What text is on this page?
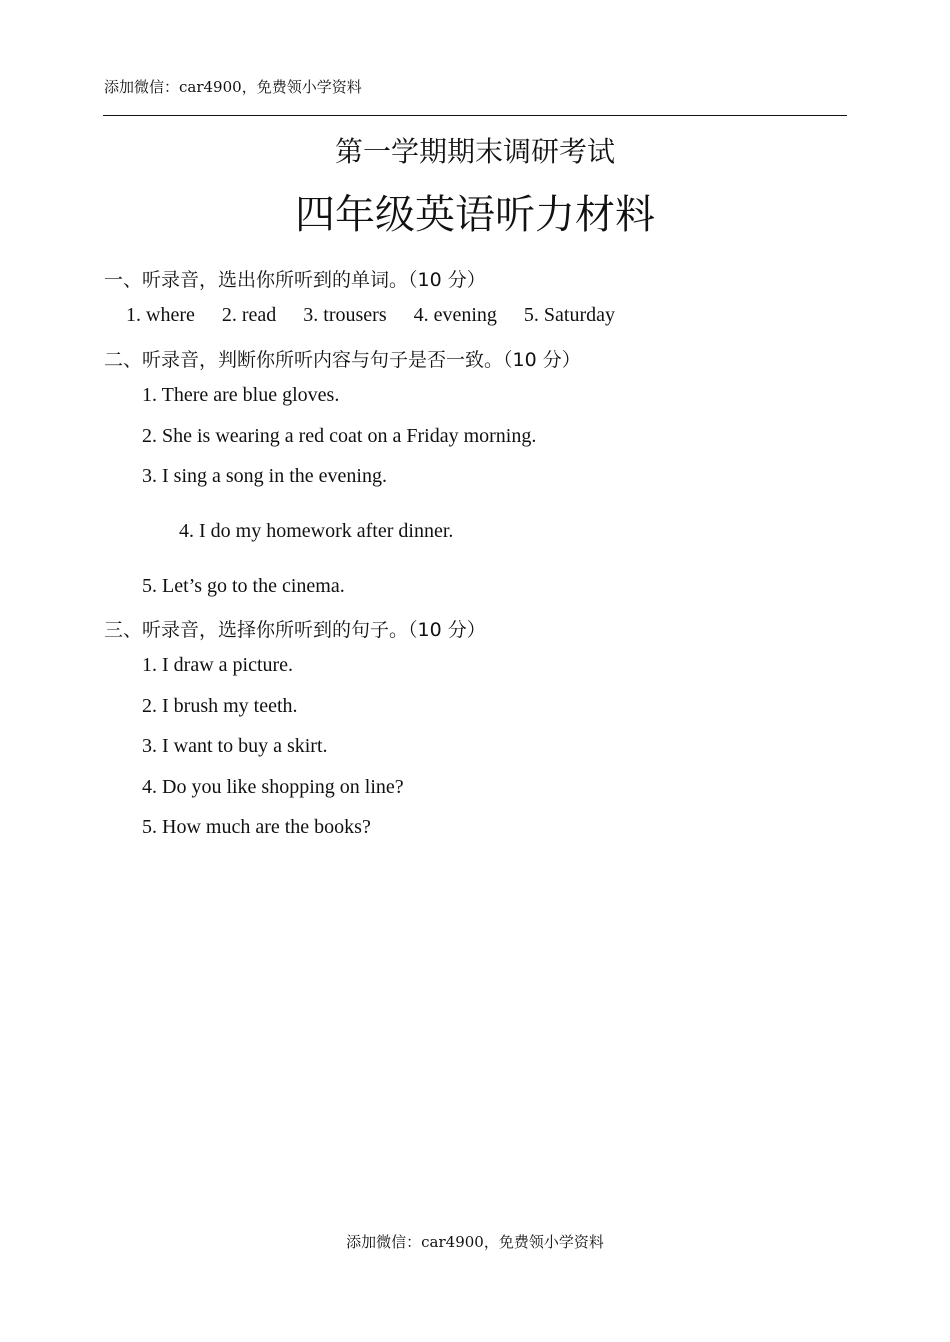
添加微信：car4900，免费领小学资料
第一学期期末调研考试
四年级英语听力材料
一、听录音，选出你所听到的单词。（10 分）
1. where 2. read 3. trousers 4. evening 5. Saturday
二、听录音，判断你所听内容与句子是否一致。（10 分）
1. There are blue gloves.
2. She is wearing a red coat on a Friday morning.
3. I sing a song in the evening.
4. I do my homework after dinner.
5. Let’s go to the cinema.
三、听录音，选择你所听到的句子。（10 分）
1. I draw a picture.
2. I brush my teeth.
3. I want to buy a skirt.
4. Do you like shopping on line?
5. How much are the books?
添加微信：car4900，免费领小学资料
